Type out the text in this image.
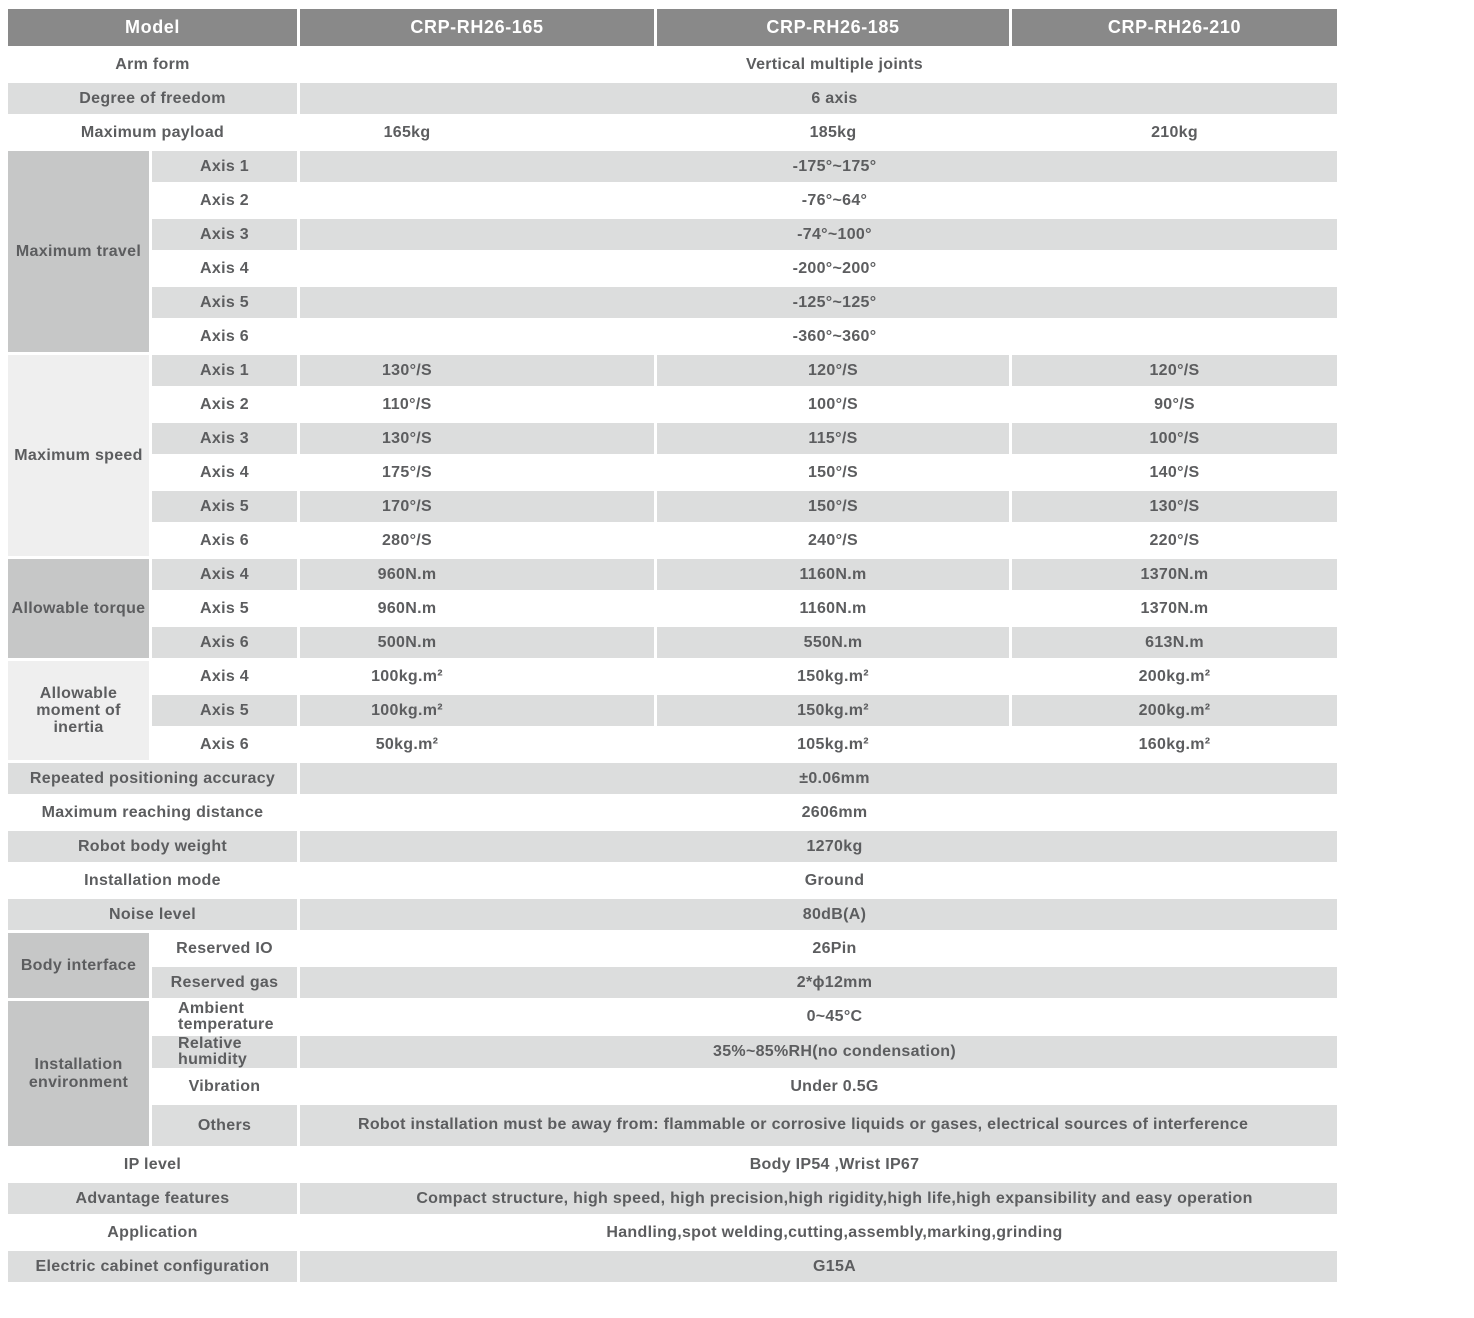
Model		CRP-RH26-165	CRP-RH26-185	CRP-RH26-210
Arm form		Vertical multiple joints		
Degree of freedom		6 axis		
Maximum payload		165kg	185kg	210kg
Maximum travel	Axis 1	-175°~175°		
	Axis 2	-76°~64°		
	Axis 3	-74°~100°		
	Axis 4	-200°~200°		
	Axis 5	-125°~125°		
	Axis 6	-360°~360°		
Maximum speed	Axis 1	130°/S	120°/S	120°/S
	Axis 2	110°/S	100°/S	90°/S
	Axis 3	130°/S	115°/S	100°/S
	Axis 4	175°/S	150°/S	140°/S
	Axis 5	170°/S	150°/S	130°/S
	Axis 6	280°/S	240°/S	220°/S
Allowable torque	Axis 4	960N.m	1160N.m	1370N.m
	Axis 5	960N.m	1160N.m	1370N.m
	Axis 6	500N.m	550N.m	613N.m
Allowable moment of inertia	Axis 4	100kg.m²	150kg.m²	200kg.m²
	Axis 5	100kg.m²	150kg.m²	200kg.m²
	Axis 6	50kg.m²	105kg.m²	160kg.m²
Repeated positioning accuracy		±0.06mm		
Maximum reaching distance		2606mm		
Robot body weight		1270kg		
Installation mode		Ground		
Noise level		80dB(A)		
Body interface	Reserved IO	26Pin		
	Reserved gas	2*ϕ12mm		
Installation environment	Ambient temperature	0~45°C		
	Relative humidity	35%~85%RH(no condensation)		
	Vibration	Under 0.5G		
	Others	Robot installation must be away from: flammable or corrosive liquids or gases, electrical sources of interference		
IP level		Body IP54 ,Wrist IP67		
Advantage features		Compact structure, high speed, high precision,high rigidity,high life,high expansibility and easy operation		
Application		Handling,spot welding,cutting,assembly,marking,grinding		
Electric cabinet configuration		G15A		
